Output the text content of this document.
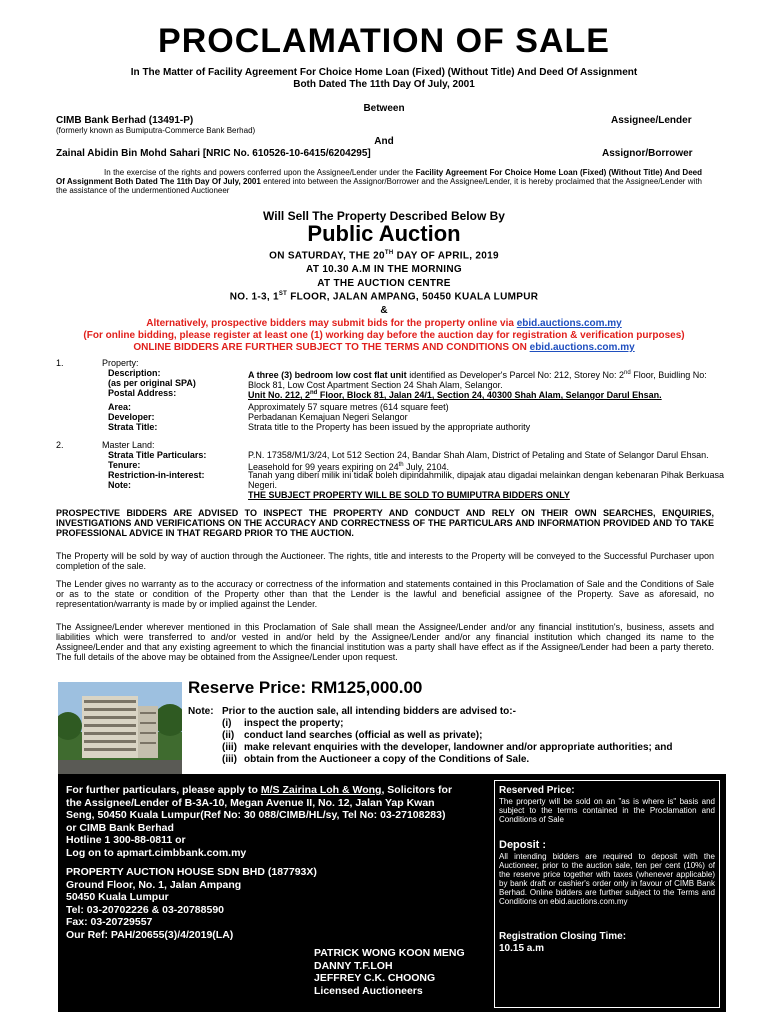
PROCLAMATION OF SALE
In The Matter of Facility Agreement For Choice Home Loan (Fixed) (Without Title) And Deed Of Assignment
Both Dated The 11th Day Of July, 2001
Between
CIMB Bank Berhad (13491-P)	Assignee/Lender
(formerly known as Bumiputra-Commerce Bank Berhad)
And
Zainal Abidin Bin Mohd Sahari [NRIC No. 610526-10-6415/6204295]	Assignor/Borrower
In the exercise of the rights and powers conferred upon the Assignee/Lender under the Facility Agreement For Choice Home Loan (Fixed) (Without Title) And Deed Of Assignment Both Dated The 11th Day Of July, 2001 entered into between the Assignor/Borrower and the Assignee/Lender, it is hereby proclaimed that the Assignee/Lender with the assistance of the undermentioned Auctioneer
Will Sell The Property Described Below By
Public Auction
ON SATURDAY, THE 20TH DAY OF APRIL, 2019
AT 10.30 A.M IN THE MORNING
AT THE AUCTION CENTRE
NO. 1-3, 1ST FLOOR, JALAN AMPANG, 50450 KUALA LUMPUR
&
Alternatively, prospective bidders may submit bids for the property online via ebid.auctions.com.my
(For online bidding, please register at least one (1) working day before the auction day for registration & verification purposes)
ONLINE BIDDERS ARE FURTHER SUBJECT TO THE TERMS AND CONDITIONS ON ebid.auctions.com.my
1.	Property:
Description:
(as per original SPA)
A three (3) bedroom low cost flat unit identified as Developer's Parcel No: 212, Storey No: 2nd Floor, Buidling No: Block 81, Low Cost Apartment Section 24 Shah Alam, Selangor.
Postal Address:	Unit No. 212, 2nd Floor, Block 81, Jalan 24/1, Section 24, 40300 Shah Alam, Selangor Darul Ehsan.
Area:	Approximately 57 square metres (614 square feet)
Developer:	Perbadanan Kemajuan Negeri Selangor
Strata Title:	Strata title to the Property has been issued by the appropriate authority
2.	Master Land:
Strata Title Particulars:	P.N. 17358/M1/3/24, Lot 512 Section 24, Bandar Shah Alam, District of Petaling and State of Selangor Darul Ehsan.
Tenure:	Leasehold for 99 years expiring on 24th July, 2104.
Restriction-in-interest:	Tanah yang diberi milik ini tidak boleh dipindahmilik, dipajak atau digadai melainkan dengan kebenaran Pihak Berkuasa Negeri.
Note:
THE SUBJECT PROPERTY WILL BE SOLD TO BUMIPUTRA BIDDERS ONLY
PROSPECTIVE BIDDERS ARE ADVISED TO INSPECT THE PROPERTY AND CONDUCT AND RELY ON THEIR OWN SEARCHES, ENQUIRIES, INVESTIGATIONS AND VERIFICATIONS ON THE ACCURACY AND CORRECTNESS OF THE PARTICULARS AND INFORMATION PROVIDED AND TO TAKE PROFESSIONAL ADVICE IN THAT REGARD PRIOR TO THE AUCTION.
The Property will be sold by way of auction through the Auctioneer. The rights, title and interests to the Property will be conveyed to the Successful Purchaser upon completion of the sale.
The Lender gives no warranty as to the accuracy or correctness of the information and statements contained in this Proclamation of Sale and the Conditions of Sale or as to the state or condition of the Property other than that the Lender is the lawful and beneficial assignee of the Property. Save as aforesaid, no representation/warranty is made by or implied against the Lender.
The Assignee/Lender wherever mentioned in this Proclamation of Sale shall mean the Assignee/Lender and/or any financial institution's, business, assets and liabilities which were transferred to and/or vested in and/or held by the Assignee/Lender and/or any financial institution which changed its name to the Assignee/Lender and that any existing agreement to which the financial institution was a party shall have effect as if the Assignee/Lender had been a party thereto. The full details of the above may be obtained from the Assignee/Lender upon request.
Reserve Price: RM125,000.00
Note: Prior to the auction sale, all intending bidders are advised to:-
(i) inspect the property;
(ii) conduct land searches (official as well as private);
(iii) make relevant enquiries with the developer, landowner and/or appropriate authorities; and
(iii) obtain from the Auctioneer a copy of the Conditions of Sale.
For further particulars, please apply to M/S Zairina Loh & Wong, Solicitors for
the Assignee/Lender of B-3A-10, Megan Avenue II, No. 12, Jalan Yap Kwan
Seng, 50450 Kuala Lumpur(Ref No: 30 088/CIMB/HL/sy, Tel No: 03-27108283)
or CIMB Bank Berhad
Hotline 1 300-88-0811 or
Log on to apmart.cimbbank.com.my
PROPERTY AUCTION HOUSE SDN BHD (187793X)
Ground Floor, No. 1, Jalan Ampang
50450 Kuala Lumpur
Tel: 03-20702226 & 03-20788590
Fax: 03-20729557
Our Ref: PAH/20655(3)/4/2019(LA)
PATRICK WONG KOON MENG
DANNY T.F.LOH
JEFFREY C.K. CHOONG
Licensed Auctioneers
Reserved Price:
The property will be sold on an "as is where is" basis and subject to the terms contained in the Proclamation and Conditions of Sale
Deposit :
All intending bidders are required to deposit with the Auctioneer, prior to the auction sale, ten per cent (10%) of the reserve price together with taxes (whenever applicable) by bank draft or cashier's order only in favour of CIMB Bank Berhad. Online bidders are further subject to the Terms and Conditions on ebid.auctions.com.my
Registration Closing Time:
10.15 a.m
